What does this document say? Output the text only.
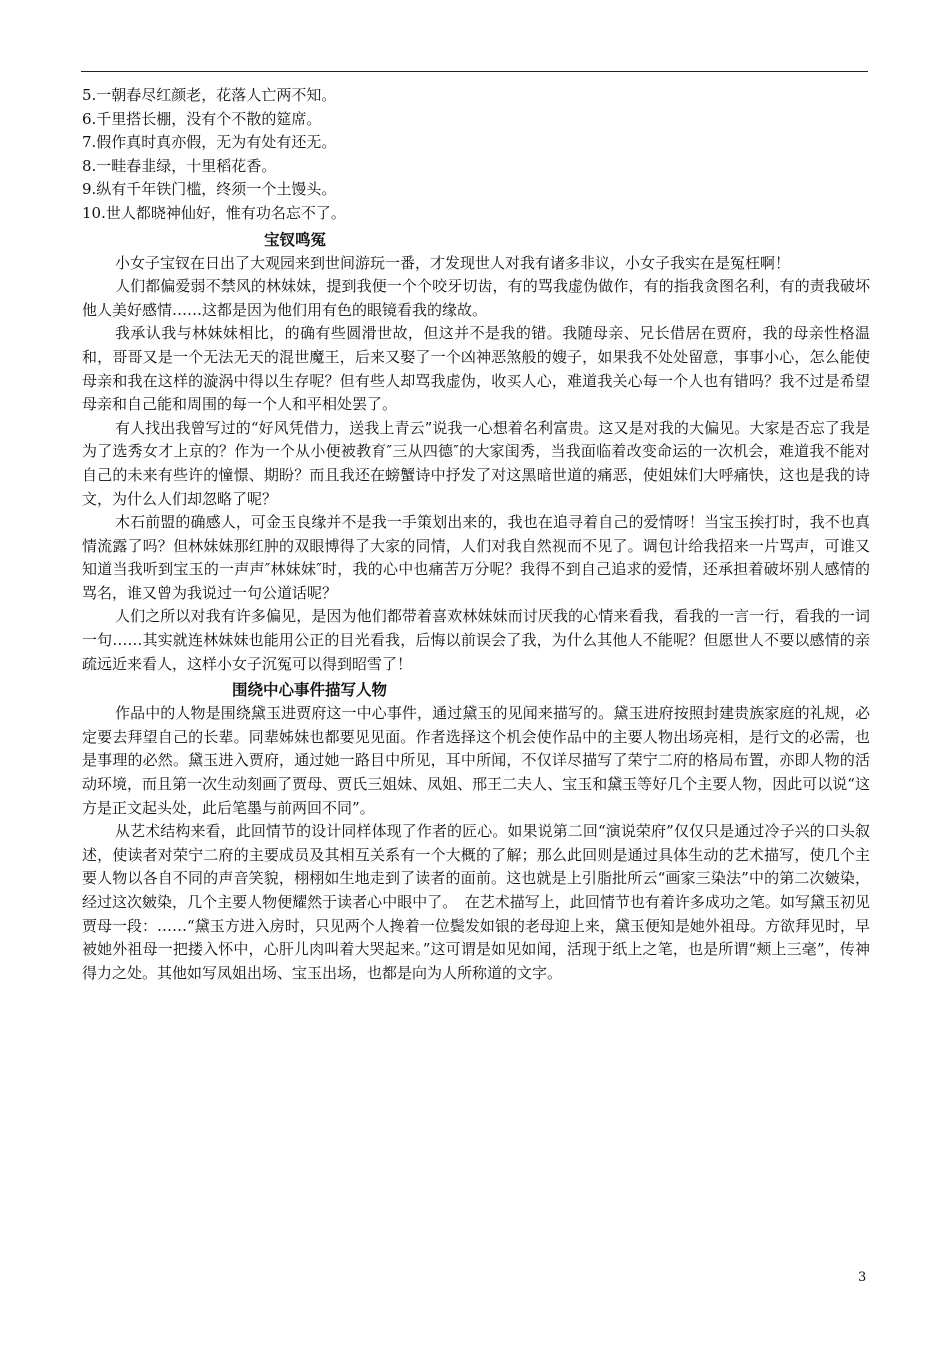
5.一朝春尽红颜老，花落人亡两不知。

6.千里搭长棚，没有个不散的筵席。

7.假作真时真亦假，无为有处有还无。

8.一畦春韭绿，十里稻花香。

9.纵有千年铁门槛，终须一个土馒头。

10.世人都晓神仙好，惟有功名忘不了。

宝钗鸣冤

小女子宝钗在日出了大观园来到世间游玩一番，才发现世人对我有诸多非议，小女子我实在是冤枉啊！

人们都偏爱弱不禁风的林妹妹，提到我便一个个咬牙切齿，有的骂我虚伪做作，有的指我贪图名利，有的责我破坏他人美好感情……这都是因为他们用有色的眼镜看我的缘故。

我承认我与林妹妹相比，的确有些圆滑世故，但这并不是我的错。我随母亲、兄长借居在贾府，我的母亲性格温和，哥哥又是一个无法无天的混世魔王，后来又娶了一个凶神恶煞般的嫂子，如果我不处处留意，事事小心，怎么能使母亲和我在这样的漩涡中得以生存呢？但有些人却骂我虚伪，收买人心，难道我关心每一个人也有错吗？我不过是希望母亲和自己能和周围的每一个人和平相处罢了。

有人找出我曾写过的“好风凭借力，送我上青云”说我一心想着名利富贵。这又是对我的大偏见。大家是否忘了我是为了选秀女才上京的？作为一个从小便被教育″三从四德″的大家闺秀，当我面临着改变命运的一次机会，难道我不能对自己的未来有些许的憧憬、期盼？而且我还在螃蟹诗中抒发了对这黑暗世道的痛恶，使姐妹们大呼痛快，这也是我的诗文，为什么人们却忽略了呢？

木石前盟的确感人，可金玉良缘并不是我一手策划出来的，我也在追寻着自己的爱情呀！当宝玉挨打时，我不也真情流露了吗？但林妹妹那红肿的双眼博得了大家的同情，人们对我自然视而不见了。调包计给我招来一片骂声，可谁又知道当我听到宝玉的一声声″林妹妹″时，我的心中也痛苦万分呢？我得不到自己追求的爱情，还承担着破坏别人感情的骂名，谁又曾为我说过一句公道话呢？

人们之所以对我有许多偏见，是因为他们都带着喜欢林妹妹而讨厌我的心情来看我，看我的一言一行，看我的一词一句……其实就连林妹妹也能用公正的目光看我，后悔以前误会了我，为什么其他人不能呢？但愿世人不要以感情的亲疏远近来看人，这样小女子沉冤可以得到昭雪了！

围绕中心事件描写人物

作品中的人物是围绕黛玉进贾府这一中心事件，通过黛玉的见闻来描写的。黛玉进府按照封建贵族家庭的礼规，必定要去拜望自己的长辈。同辈姊妹也都要见见面。作者选择这个机会使作品中的主要人物出场亮相，是行文的必需，也是事理的必然。黛玉进入贾府，通过她一路目中所见，耳中所闻，不仅详尽描写了荣宁二府的格局布置，亦即人物的活动环境，而且第一次生动刻画了贾母、贾氏三姐妹、凤姐、邢王二夫人、宝玉和黛玉等好几个主要人物，因此可以说“这方是正文起头处，此后笔墨与前两回不同”。

从艺术结构来看，此回情节的设计同样体现了作者的匠心。如果说第二回“演说荣府”仅仅只是通过冷子兴的口头叙述，使读者对荣宁二府的主要成员及其相互关系有一个大概的了解；那么此回则是通过具体生动的艺术描写，使几个主要人物以各自不同的声音笑貌，栩栩如生地走到了读者的面前。这也就是上引脂批所云“画家三染法”中的第二次皴染，经过这次皴染，几个主要人物便耀然于读者心中眼中了。　在艺术描写上，此回情节也有着许多成功之笔。如写黛玉初见贾母一段：……“黛玉方进入房时，只见两个人搀着一位鬓发如银的老母迎上来，黛玉便知是她外祖母。方欲拜见时，早被她外祖母一把搂入怀中，心肝儿肉叫着大哭起来。”这可谓是如见如闻，活现于纸上之笔，也是所谓“颊上三毫”，传神得力之处。其他如写凤姐出场、宝玉出场，也都是向为人所称道的文字。

3
